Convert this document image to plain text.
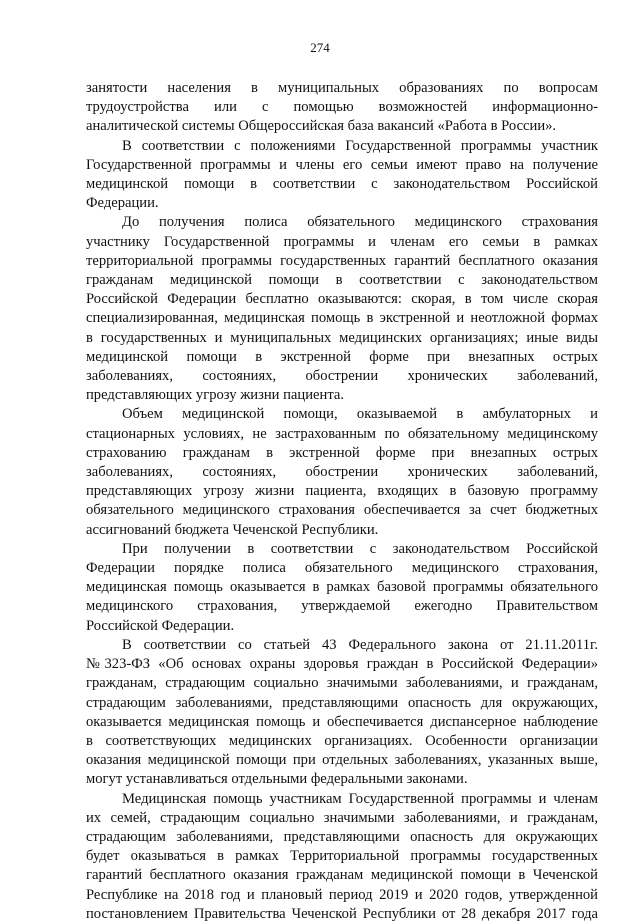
274

занятости населения в муниципальных образованиях по вопросам

трудоустройства или с помощью возможностей информационно-

аналитической системы Общероссийская база вакансий «Работа в России».

В соответствии с положениями Государственной программы участник

Государственной программы и члены его семьи имеют право на получение

медицинской помощи в соответствии с законодательством Российской Федерации.

До получения полиса обязательного медицинского страхования

участнику Государственной программы и членам его семьи в рамках

территориальной программы государственных гарантий бесплатного оказания

гражданам медицинской помощи в соответствии с законодательством

Российской Федерации бесплатно оказываются: скорая, в том числе скорая

специализированная, медицинская помощь в экстренной и неотложной формах

в государственных и муниципальных медицинских организациях; иные виды

медицинской помощи в экстренной форме при внезапных острых

заболеваниях, состояниях, обострении хронических заболеваний,

представляющих угрозу жизни пациента.

Объем медицинской помощи, оказываемой в амбулаторных и

стационарных условиях, не застрахованным по обязательному медицинскому

страхованию гражданам в экстренной форме при внезапных острых

заболеваниях, состояниях, обострении хронических заболеваний,

представляющих угрозу жизни пациента, входящих в базовую программу

обязательного медицинского страхования обеспечивается за счет бюджетных

ассигнований бюджета Чеченской Республики.

При получении в соответствии с законодательством Российской

Федерации порядке полиса обязательного медицинского страхования,

медицинская помощь оказывается в рамках базовой программы обязательного

медицинского страхования, утверждаемой ежегодно Правительством

Российской Федерации.

В соответствии со статьей 43 Федерального закона от 21.11.2011г.

№323-ФЗ «Об основах охраны здоровья граждан в Российской Федерации»

гражданам, страдающим социально значимыми заболеваниями, и гражданам,

страдающим заболеваниями, представляющими опасность для окружающих,

оказывается медицинская помощь и обеспечивается диспансерное наблюдение

в соответствующих медицинских организациях. Особенности организации

оказания медицинской помощи при отдельных заболеваниях, указанных выше,

могут устанавливаться отдельными федеральными законами.

Медицинская помощь участникам Государственной программы и членам

их семей, страдающим социально значимыми заболеваниями, и гражданам,

страдающим заболеваниями, представляющими опасность для окружающих

будет оказываться в рамках Территориальной программы государственных

гарантий бесплатного оказания гражданам медицинской помощи в Чеченской

Республике на 2018 год и плановый период 2019 и 2020 годов, утвержденной

постановлением Правительства Чеченской Республики от 28 декабря 2017 года
